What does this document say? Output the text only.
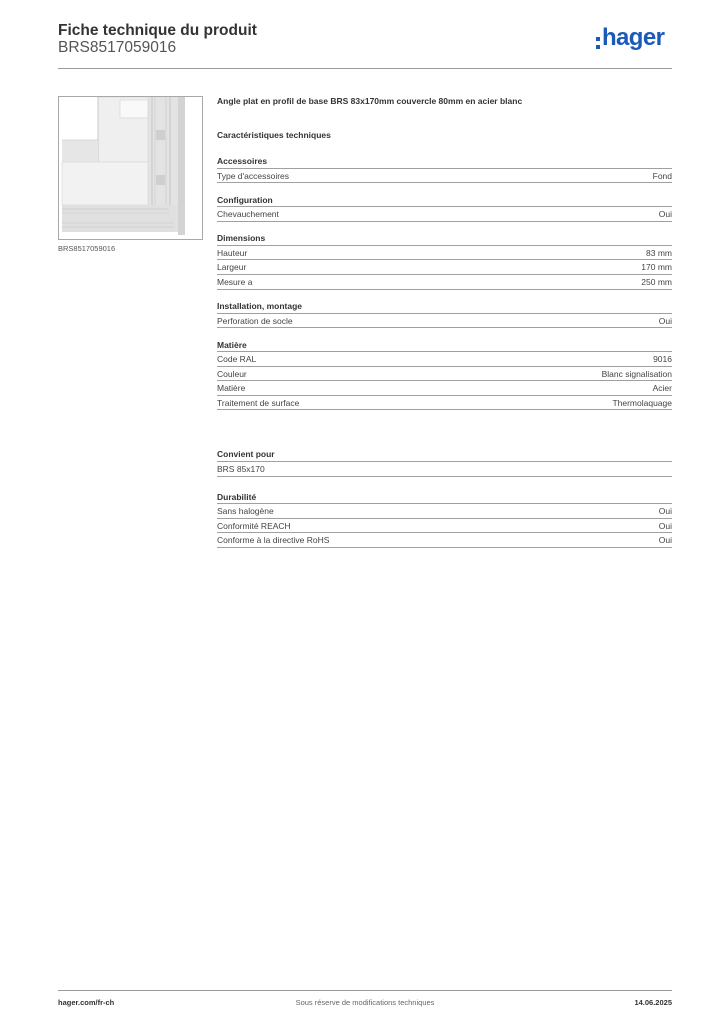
Fiche technique du produit
BRS8517059016	hager
BRS8517059016
Angle plat en profil de base BRS 83x170mm couvercle 80mm en acier blanc
Caractéristiques techniques
Accessoires
Type d'accessoires	Fond
Configuration
Chevauchement	Oui
Dimensions
Hauteur	83 mm
Largeur	170 mm
Mesure a	250 mm
Installation, montage
Perforation de socle	Oui
Matière
Code RAL	9016
Couleur	Blanc signalisation
Matière	Acier
Traitement de surface	Thermolaquage
Convient pour
BRS 85x170
Durabilité
Sans halogène	Oui
Conformité REACH	Oui
Conforme à la directive RoHS	Oui
hager.com/fr-ch	Sous réserve de modifications techniques	14.06.2025
